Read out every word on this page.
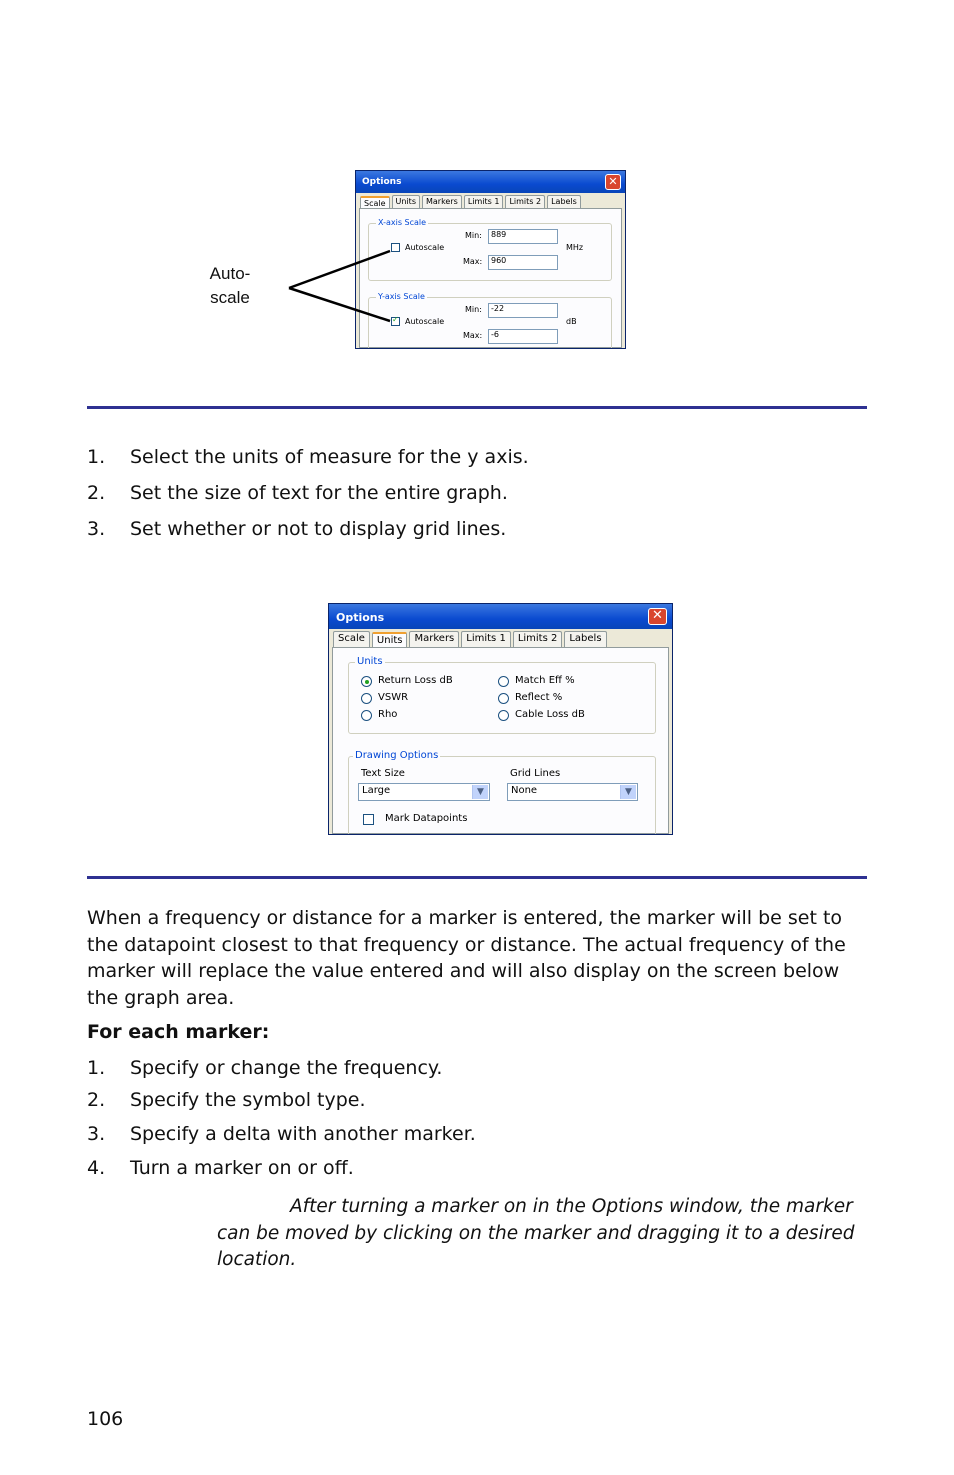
Auto-
scale
Options	✕
Scale	Units	Markers	Limits 1	Limits 2	Labels
X-axis Scale
Autoscale
Min:	889
MHz
Max:	960
Y-axis Scale
✓ Autoscale
Min:	-22
dB
Max:	-6
1. Select the units of measure for the y axis.
2. Set the size of text for the entire graph.
3. Set whether or not to display grid lines.
Options	✕
Scale	Units	Markers	Limits 1	Limits 2	Labels
Units
Return Loss dB
VSWR
Rho
Match Eff %
Reflect %
Cable Loss dB
Drawing Options
Text Size
Large	▼
Grid Lines
None	▼
Mark Datapoints
When a frequency or distance for a marker is entered, the marker will be set to
the datapoint closest to that frequency or distance. The actual frequency of the
marker will replace the value entered and will also display on the screen below
the graph area.
For each marker:
1. Specify or change the frequency.
2. Specify the symbol type.
3. Specify a delta with another marker.
4. Turn a marker on or off.
After turning a marker on in the Options window, the marker
can be moved by clicking on the marker and dragging it to a desired
location.
106
